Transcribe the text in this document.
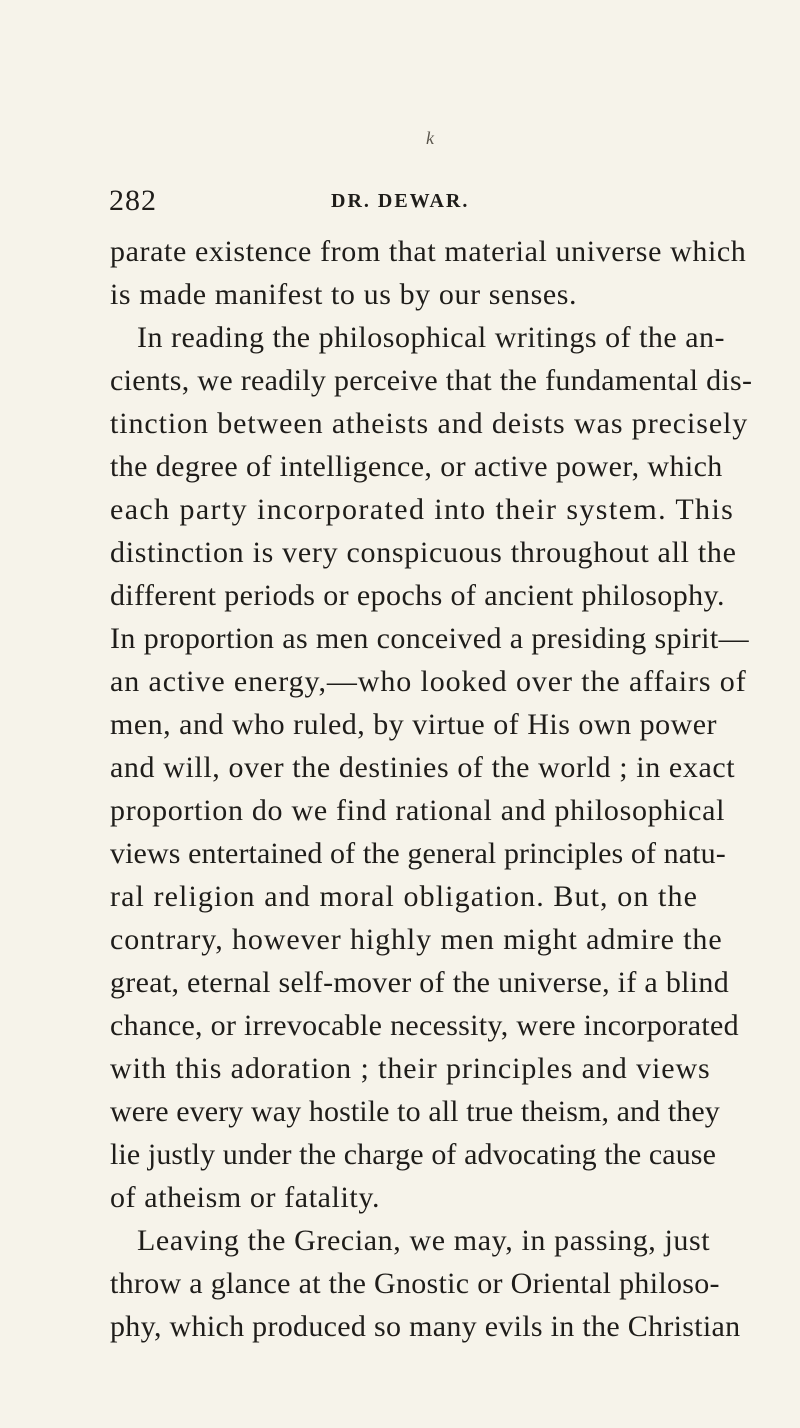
k
282	DR. DEWAR.
parate existence from that material universe which
is made manifest to us by our senses.
In reading the philosophical writings of the an-
cients, we readily perceive that the fundamental dis-
tinction between atheists and deists was precisely
the degree of intelligence, or active power, which
each party incorporated into their system. This
distinction is very conspicuous throughout all the
different periods or epochs of ancient philosophy.
In proportion as men conceived a presiding spirit—
an active energy,—who looked over the affairs of
men, and who ruled, by virtue of His own power
and will, over the destinies of the world ; in exact
proportion do we find rational and philosophical
views entertained of the general principles of natu-
ral religion and moral obligation. But, on the
contrary, however highly men might admire the
great, eternal self-mover of the universe, if a blind
chance, or irrevocable necessity, were incorporated
with this adoration ; their principles and views
were every way hostile to all true theism, and they
lie justly under the charge of advocating the cause
of atheism or fatality.
Leaving the Grecian, we may, in passing, just
throw a glance at the Gnostic or Oriental philoso-
phy, which produced so many evils in the Christian
